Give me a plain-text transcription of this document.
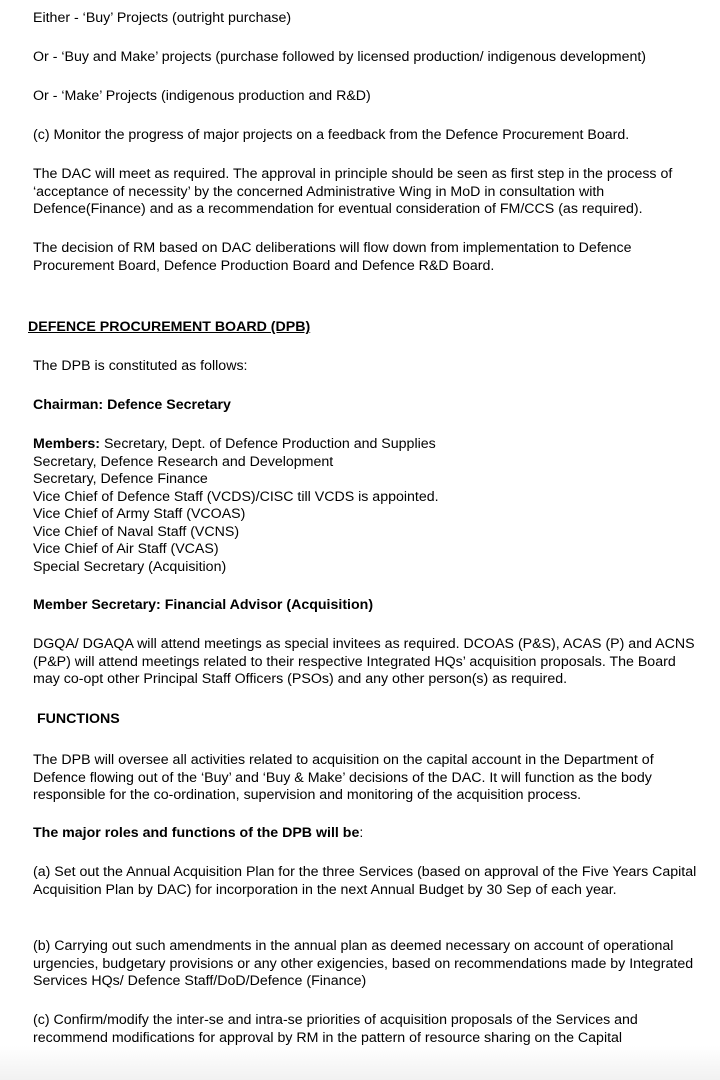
Either - ‘Buy’ Projects (outright purchase)

Or - ‘Buy and Make’ projects (purchase followed by licensed production/ indigenous development)

Or - ‘Make’ Projects (indigenous production and R&D)

(c) Monitor the progress of major projects on a feedback from the Defence Procurement Board.

The DAC will meet as required. The approval in principle should be seen as first step in the process of ‘acceptance of necessity’ by the concerned Administrative Wing in MoD in consultation with Defence(Finance) and as a recommendation for eventual consideration of FM/CCS (as required).

The decision of RM based on DAC deliberations will flow down from implementation to Defence Procurement Board, Defence Production Board and Defence R&D Board.

DEFENCE PROCUREMENT BOARD (DPB)

The DPB is constituted as follows:

Chairman: Defence Secretary

Members: Secretary, Dept. of Defence Production and Supplies
Secretary, Defence Research and Development
Secretary, Defence Finance
Vice Chief of Defence Staff (VCDS)/CISC till VCDS is appointed.
Vice Chief of Army Staff (VCOAS)
Vice Chief of Naval Staff (VCNS)
Vice Chief of Air Staff (VCAS)
Special Secretary (Acquisition)

Member Secretary: Financial Advisor (Acquisition)

DGQA/ DGAQA will attend meetings as special invitees as required. DCOAS (P&S), ACAS (P) and ACNS (P&P) will attend meetings related to their respective Integrated HQs’ acquisition proposals. The Board may co-opt other Principal Staff Officers (PSOs) and any other person(s) as required.

FUNCTIONS

The DPB will oversee all activities related to acquisition on the capital account in the Department of Defence flowing out of the ‘Buy’ and ‘Buy & Make’ decisions of the DAC. It will function as the body responsible for the co-ordination, supervision and monitoring of the acquisition process.

The major roles and functions of the DPB will be:

(a) Set out the Annual Acquisition Plan for the three Services (based on approval of the Five Years Capital Acquisition Plan by DAC) for incorporation in the next Annual Budget by 30 Sep of each year.

(b) Carrying out such amendments in the annual plan as deemed necessary on account of operational urgencies, budgetary provisions or any other exigencies, based on recommendations made by Integrated Services HQs/ Defence Staff/DoD/Defence (Finance)

(c) Confirm/modify the inter-se and intra-se priorities of acquisition proposals of the Services and recommend modifications for approval by RM in the pattern of resource sharing on the Capital
